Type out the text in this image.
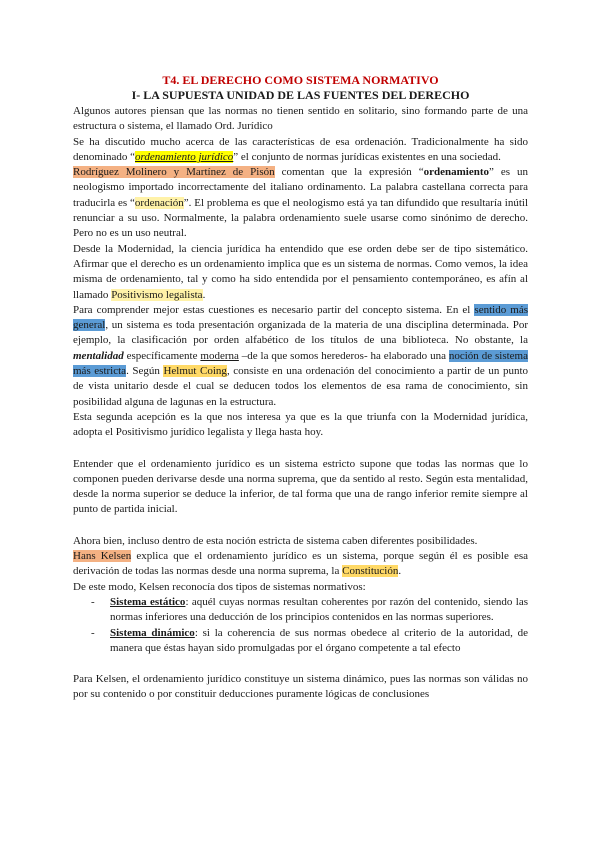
T4. EL DERECHO COMO SISTEMA NORMATIVO
I- LA SUPUESTA UNIDAD DE LAS FUENTES DEL DERECHO

Algunos autores piensan que las normas no tienen sentido en solitario, sino formando parte de una estructura o sistema, el llamado Ord. Jurídico

Se ha discutido mucho acerca de las características de esa ordenación. Tradicionalmente ha sido denominado “ordenamiento jurídico” el conjunto de normas jurídicas existentes en una sociedad.

Rodríguez Molinero y Martínez de Pisón comentan que la expresión “ordenamiento” es un neologismo importado incorrectamente del italiano ordinamento. La palabra castellana correcta para traducirla es “ordenación”. El problema es que el neologismo está ya tan difundido que resultaría inútil renunciar a su uso. Normalmente, la palabra ordenamiento suele usarse como sinónimo de derecho. Pero no es un uso neutral.

Desde la Modernidad, la ciencia jurídica ha entendido que ese orden debe ser de tipo sistemático. Afirmar que el derecho es un ordenamiento implica que es un sistema de normas. Como vemos, la idea misma de ordenamiento, tal y como ha sido entendida por el pensamiento contemporáneo, es afín al llamado Positivismo legalista.

Para comprender mejor estas cuestiones es necesario partir del concepto sistema. En el sentido más general, un sistema es toda presentación organizada de la materia de una disciplina determinada. Por ejemplo, la clasificación por orden alfabético de los títulos de una biblioteca. No obstante, la mentalidad específicamente moderna –de la que somos herederos- ha elaborado una noción de sistema más estricta. Según Helmut Coing, consiste en una ordenación del conocimiento a partir de un punto de vista unitario desde el cual se deducen todos los elementos de esa rama de conocimiento, sin posibilidad alguna de lagunas en la estructura.

Esta segunda acepción es la que nos interesa ya que es la que triunfa con la Modernidad jurídica, adopta el Positivismo jurídico legalista y llega hasta hoy.

Entender que el ordenamiento jurídico es un sistema estricto supone que todas las normas que lo componen pueden derivarse desde una norma suprema, que da sentido al resto. Según esta mentalidad, desde la norma superior se deduce la inferior, de tal forma que una de rango inferior remite siempre al punto de partida inicial.

Ahora bien, incluso dentro de esta noción estricta de sistema caben diferentes posibilidades.

Hans Kelsen explica que el ordenamiento jurídico es un sistema, porque según él es posible esa derivación de todas las normas desde una norma suprema, la Constitución.

De este modo, Kelsen reconocía dos tipos de sistemas normativos:

- Sistema estático: aquél cuyas normas resultan coherentes por razón del contenido, siendo las normas inferiores una deducción de los principios contenidos en las normas superiores.
- Sistema dinámico: si la coherencia de sus normas obedece al criterio de la autoridad, de manera que éstas hayan sido promulgadas por el órgano competente a tal efecto

Para Kelsen, el ordenamiento jurídico constituye un sistema dinámico, pues las normas son válidas no por su contenido o por constituir deducciones puramente lógicas de conclusiones
